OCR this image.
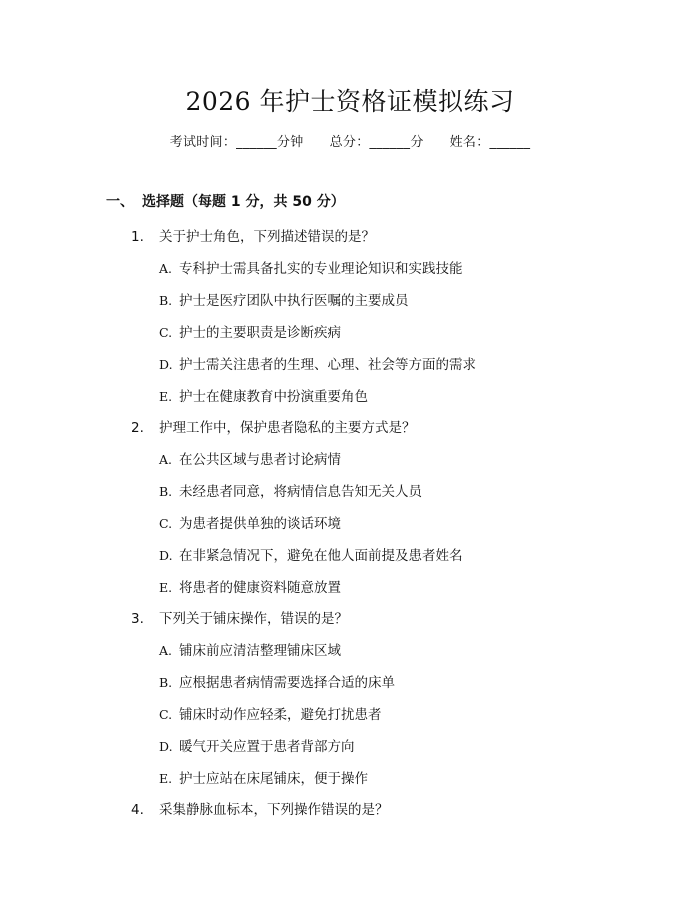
2026 年护士资格证模拟练习
考试时间：______分钟 总分：______分 姓名：______
一、 选择题（每题 1 分，共 50 分）
1. 关于护士角色，下列描述错误的是？
A. 专科护士需具备扎实的专业理论知识和实践技能
B. 护士是医疗团队中执行医嘱的主要成员
C. 护士的主要职责是诊断疾病
D. 护士需关注患者的生理、心理、社会等方面的需求
E. 护士在健康教育中扮演重要角色
2. 护理工作中，保护患者隐私的主要方式是？
A. 在公共区域与患者讨论病情
B. 未经患者同意，将病情信息告知无关人员
C. 为患者提供单独的谈话环境
D. 在非紧急情况下，避免在他人面前提及患者姓名
E. 将患者的健康资料随意放置
3. 下列关于铺床操作，错误的是？
A. 铺床前应清洁整理铺床区域
B. 应根据患者病情需要选择合适的床单
C. 铺床时动作应轻柔，避免打扰患者
D. 暖气开关应置于患者背部方向
E. 护士应站在床尾铺床，便于操作
4. 采集静脉血标本，下列操作错误的是？
